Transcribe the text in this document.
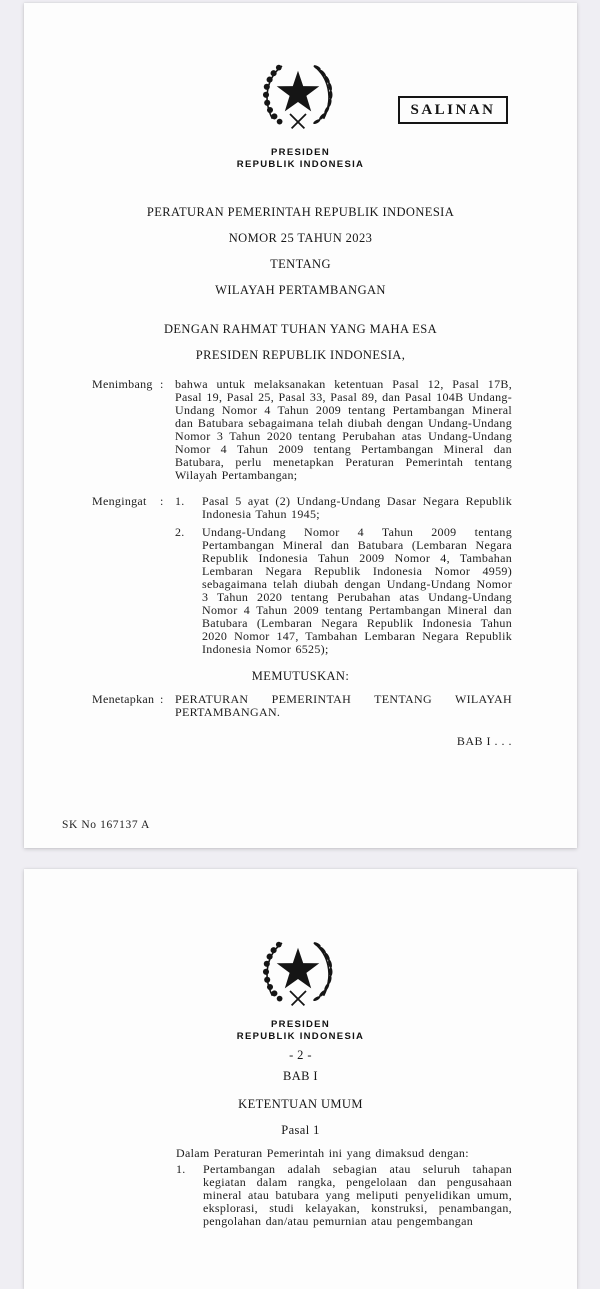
PRESIDEN
REPUBLIK INDONESIA
SALINAN
PERATURAN PEMERINTAH REPUBLIK INDONESIA
NOMOR 25 TAHUN 2023
TENTANG
WILAYAH PERTAMBANGAN
DENGAN RAHMAT TUHAN YANG MAHA ESA
PRESIDEN REPUBLIK INDONESIA,
Menimbang : bahwa untuk melaksanakan ketentuan Pasal 12, Pasal 17B, Pasal 19, Pasal 25, Pasal 33, Pasal 89, dan Pasal 104B Undang-Undang Nomor 4 Tahun 2009 tentang Pertambangan Mineral dan Batubara sebagaimana telah diubah dengan Undang-Undang Nomor 3 Tahun 2020 tentang Perubahan atas Undang-Undang Nomor 4 Tahun 2009 tentang Pertambangan Mineral dan Batubara, perlu menetapkan Peraturan Pemerintah tentang Wilayah Pertambangan;
Mengingat : 1.	Pasal 5 ayat (2) Undang-Undang Dasar Negara Republik Indonesia Tahun 1945;
2.	Undang-Undang Nomor 4 Tahun 2009 tentang Pertambangan Mineral dan Batubara (Lembaran Negara Republik Indonesia Tahun 2009 Nomor 4, Tambahan Lembaran Negara Republik Indonesia Nomor 4959) sebagaimana telah diubah dengan Undang-Undang Nomor 3 Tahun 2020 tentang Perubahan atas Undang-Undang Nomor 4 Tahun 2009 tentang Pertambangan Mineral dan Batubara (Lembaran Negara Republik Indonesia Tahun 2020 Nomor 147, Tambahan Lembaran Negara Republik Indonesia Nomor 6525);
MEMUTUSKAN:
Menetapkan : PERATURAN PEMERINTAH TENTANG WILAYAH PERTAMBANGAN.
BAB I . . .
SK No 167137 A
PRESIDEN
REPUBLIK INDONESIA
- 2 -
BAB I
KETENTUAN UMUM
Pasal 1
Dalam Peraturan Pemerintah ini yang dimaksud dengan:
1.	Pertambangan adalah sebagian atau seluruh tahapan kegiatan dalam rangka, pengelolaan dan pengusahaan mineral atau batubara yang meliputi penyelidikan umum, eksplorasi, studi kelayakan, konstruksi, penambangan, pengolahan dan/atau pemurnian atau pengembangan
